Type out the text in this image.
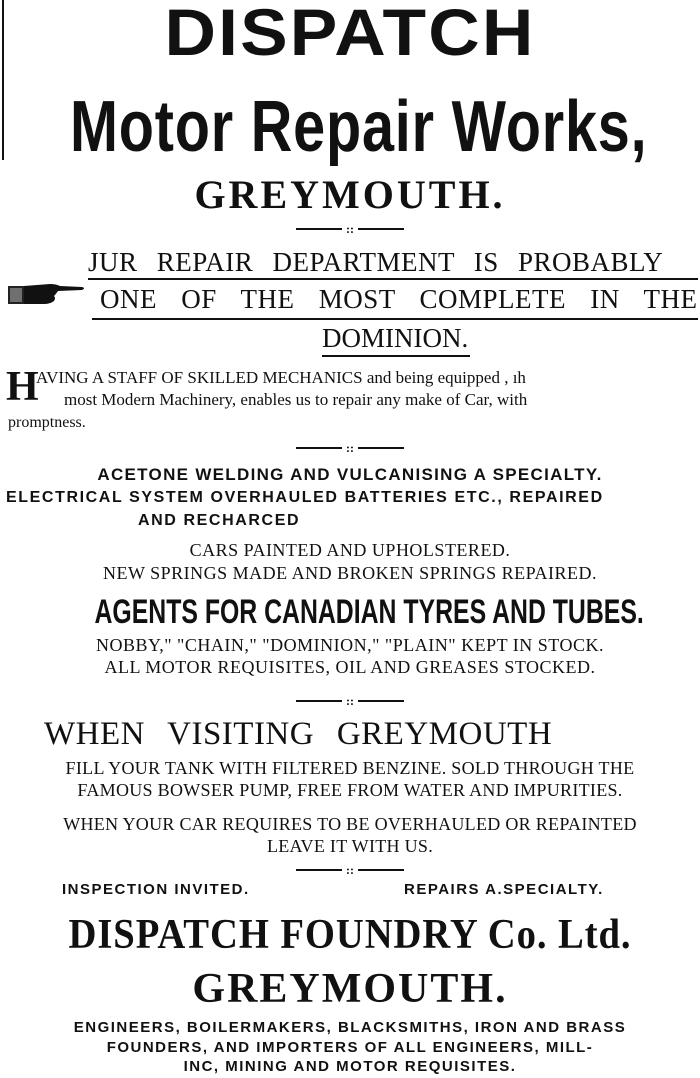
DISPATCH
Motor Repair Works,
GREYMOUTH.
::
JUR REPAIR DEPARTMENT IS PROBABLY
ONE OF THE MOST COMPLETE IN THE
DOMINION.
H
AVING A STAFF OF SKILLED MECHANICS and being equipped , ıh
most Modern Machinery, enables us to repair any make of Car, with
promptness.
::
ACETONE WELDING AND VULCANISING A SPECIALTY.
ELECTRICAL SYSTEM OVERHAULED BATTERIES ETC., REPAIRED
AND RECHARCED
CARS PAINTED AND UPHOLSTERED.
NEW SPRINGS MADE AND BROKEN SPRINGS REPAIRED.
AGENTS FOR CANADIAN TYRES AND TUBES.
NOBBY," "CHAIN," "DOMINION," "PLAIN" KEPT IN STOCK.
ALL MOTOR REQUISITES, OIL AND GREASES STOCKED.
::
WHEN VISITING GREYMOUTH
FILL YOUR TANK WITH FILTERED BENZINE. SOLD THROUGH THE
FAMOUS BOWSER PUMP, FREE FROM WATER AND IMPURITIES.
WHEN YOUR CAR REQUIRES TO BE OVERHAULED OR REPAINTED
LEAVE IT WITH US.
::
INSPECTION INVITED.	REPAIRS A.SPECIALTY.
DISPATCH FOUNDRY Co. Ltd.
GREYMOUTH.
ENGINEERS, BOILERMAKERS, BLACKSMITHS, IRON AND BRASS
FOUNDERS, AND IMPORTERS OF ALL ENGINEERS, MILL-
INC, MINING AND MOTOR REQUISITES.
